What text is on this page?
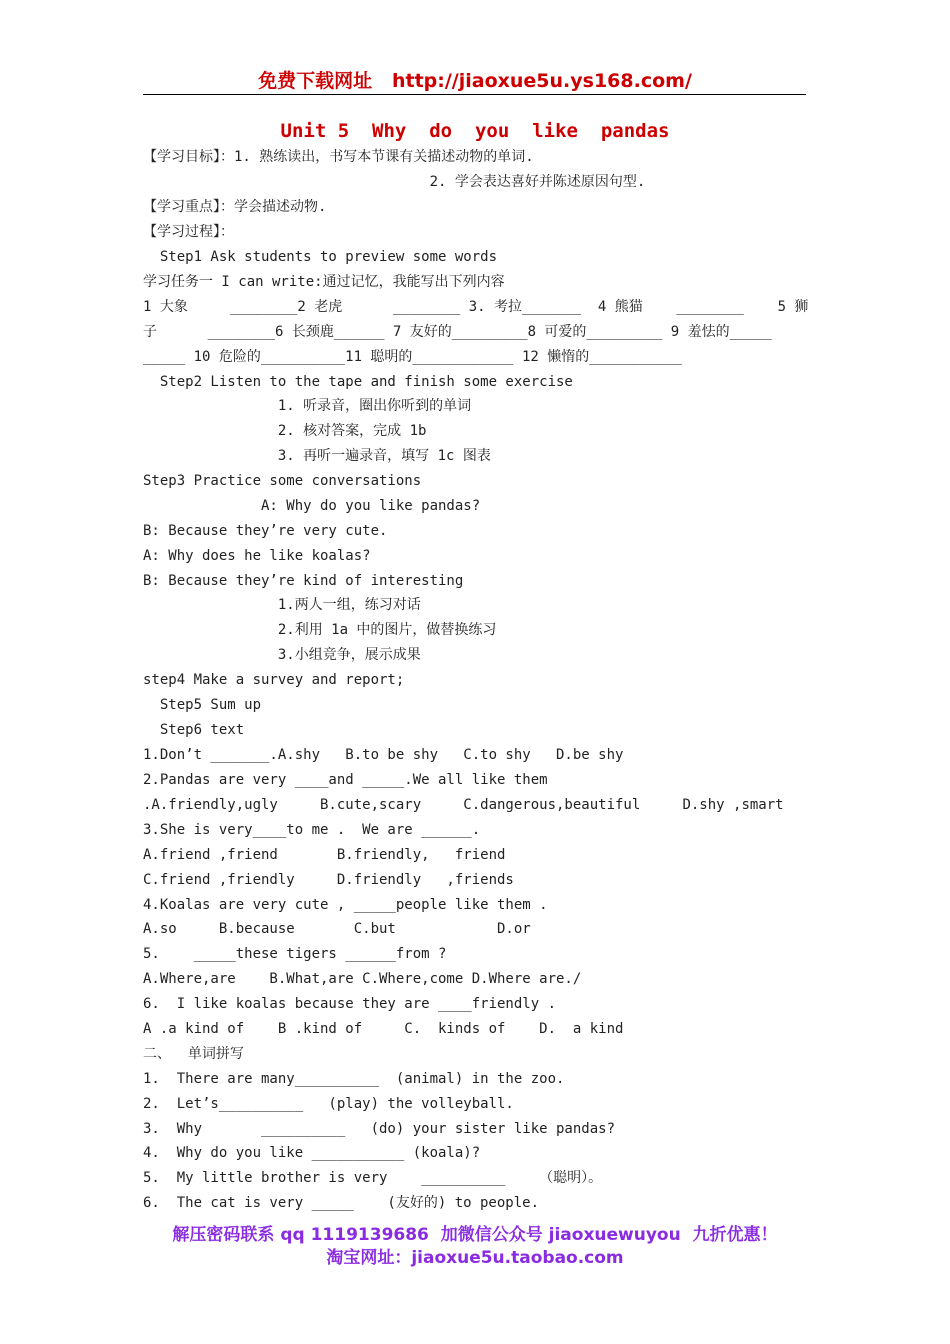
免费下载网址   http://jiaoxue5u.ys168.com/
Unit 5  Why  do  you  like  pandas
【学习目标】：1. 熟练读出，书写本节课有关描述动物的单词.
2. 学会表达喜好并陈述原因句型.
【学习重点】：学会描述动物.
【学习过程】：
Step1 Ask students to preview some words
学习任务一 I can write:通过记忆，我能写出下列内容
1 大象     ________2 老虎      ________ 3. 考拉_______  4 熊猫    ________    5 狮
子      ________6 长颈鹿______ 7 友好的_________8 可爱的_________ 9 羞怯的_____
_____ 10 危险的__________11 聪明的____________ 12 懒惰的___________
Step2 Listen to the tape and finish some exercise
1. 听录音，圈出你听到的单词
2. 核对答案，完成 1b
3. 再听一遍录音，填写 1c 图表
Step3 Practice some conversations
A: Why do you like pandas?
B: Because they’re very cute.
A: Why does he like koalas?
B: Because they’re kind of interesting
1.两人一组，练习对话
2.利用 1a 中的图片，做替换练习
3.小组竞争，展示成果
step4 Make a survey and report;
Step5 Sum up
Step6 text
1.Don’t _______.A.shy   B.to be shy   C.to shy   D.be shy
2.Pandas are very ____and _____.We all like them
.A.friendly,ugly     B.cute,scary     C.dangerous,beautiful     D.shy ,smart
3.She is very____to me .  We are ______.
A.friend ,friend       B.friendly,   friend
C.friend ,friendly     D.friendly   ,friends
4.Koalas are very cute , _____people like them .
A.so     B.because       C.but            D.or
5.    _____these tigers ______from ?
A.Where,are    B.What,are C.Where,come D.Where are./
6.  I like koalas because they are ____friendly .
A .a kind of    B .kind of     C.  kinds of    D.  a kind
二、  单词拼写
1.  There are many__________  (animal) in the zoo.
2.  Let’s__________   (play) the volleyball.
3.  Why       __________   (do) your sister like pandas?
4.  Why do you like ___________ (koala)?
5.  My little brother is very    __________    （聪明）。
6.  The cat is very _____    (友好的) to people.
解压密码联系 qq 1119139686  加微信公众号 jiaoxuewuyou  九折优惠！
淘宝网址：jiaoxue5u.taobao.com
